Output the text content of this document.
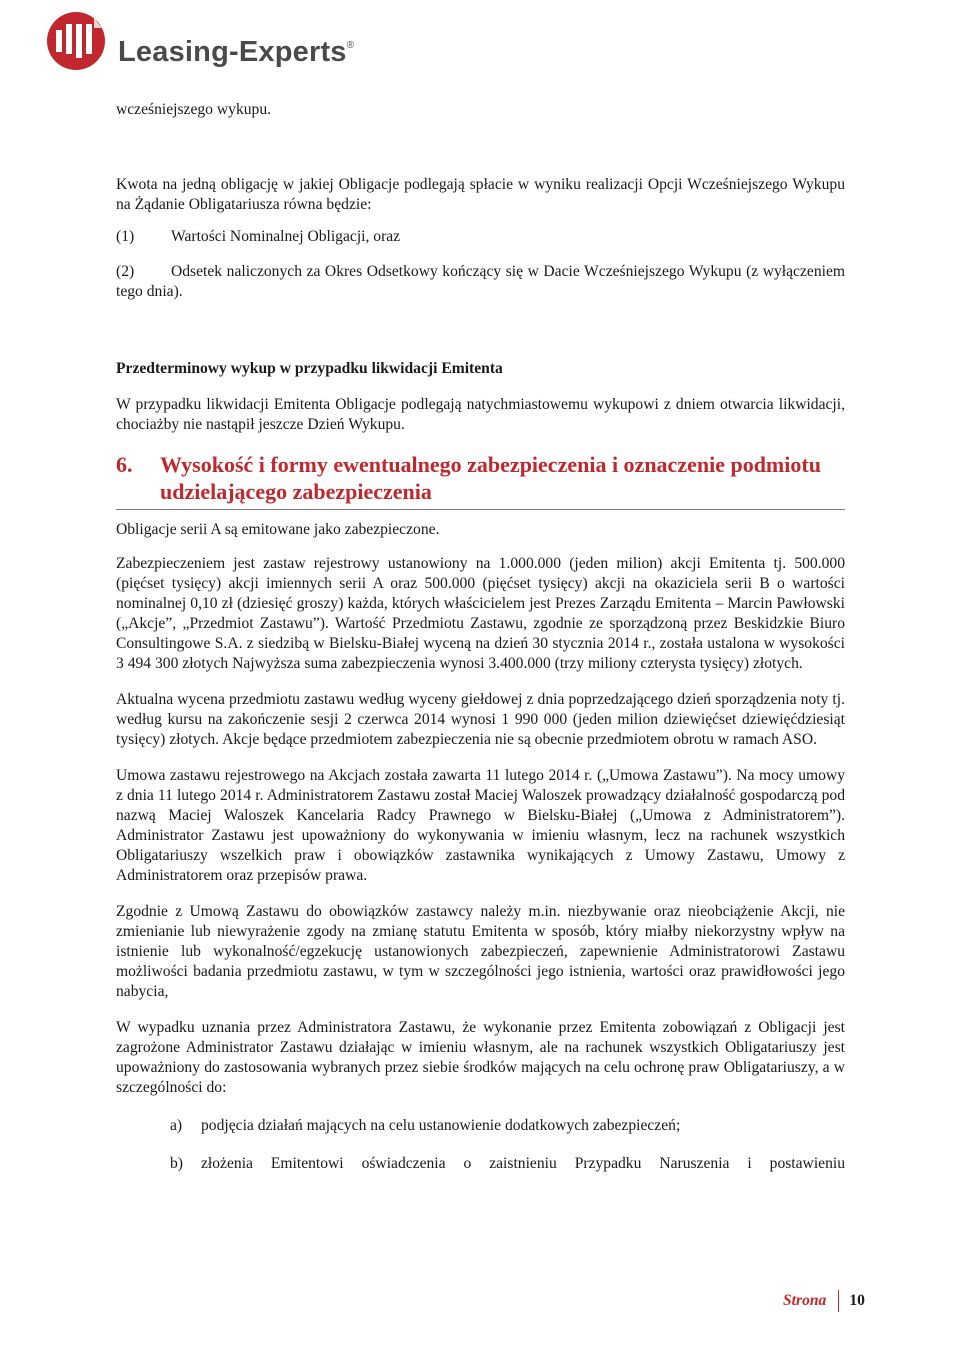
Leasing-Experts®

wcześniejszego wykupu.

Kwota na jedną obligację w jakiej Obligacje podlegają spłacie w wyniku realizacji Opcji Wcześniejszego Wykupu na Żądanie Obligatariusza równa będzie:

(1)	Wartości Nominalnej Obligacji, oraz

(2) Odsetek naliczonych za Okres Odsetkowy kończący się w Dacie Wcześniejszego Wykupu (z wyłączeniem tego dnia).

Przedterminowy wykup w przypadku likwidacji Emitenta

W przypadku likwidacji Emitenta Obligacje podlegają natychmiastowemu wykupowi z dniem otwarcia likwidacji, chociażby nie nastąpił jeszcze Dzień Wykupu.

6.	Wysokość i formy ewentualnego zabezpieczenia i oznaczenie podmiotu udzielającego zabezpieczenia

Obligacje serii A są emitowane jako zabezpieczone.

Zabezpieczeniem jest zastaw rejestrowy ustanowiony na 1.000.000 (jeden milion) akcji Emitenta tj. 500.000 (pięćset tysięcy) akcji imiennych serii A oraz 500.000 (pięćset tysięcy) akcji na okaziciela serii B o wartości nominalnej 0,10 zł (dziesięć groszy) każda, których właścicielem jest Prezes Zarządu Emitenta – Marcin Pawłowski („Akcje”, „Przedmiot Zastawu”). Wartość Przedmiotu Zastawu, zgodnie ze sporządzoną przez Beskidzkie Biuro Consultingowe S.A. z siedzibą w Bielsku-Białej wyceną na dzień 30 stycznia 2014 r., została ustalona w wysokości 3 494 300 złotych Najwyższa suma zabezpieczenia wynosi 3.400.000 (trzy miliony czterysta tysięcy) złotych.

Aktualna wycena przedmiotu zastawu według wyceny giełdowej z dnia poprzedzającego dzień sporządzenia noty tj. według kursu na zakończenie sesji 2 czerwca 2014 wynosi 1 990 000 (jeden milion dziewięćset dziewięćdziesiąt tysięcy) złotych. Akcje będące przedmiotem zabezpieczenia nie są obecnie przedmiotem obrotu w ramach ASO.

Umowa zastawu rejestrowego na Akcjach została zawarta 11 lutego 2014 r. („Umowa Zastawu”). Na mocy umowy z dnia 11 lutego 2014 r. Administratorem Zastawu został Maciej Waloszek prowadzący działalność gospodarczą pod nazwą Maciej Waloszek Kancelaria Radcy Prawnego w Bielsku-Białej („Umowa z Administratorem”). Administrator Zastawu jest upoważniony do wykonywania w imieniu własnym, lecz na rachunek wszystkich Obligatariuszy wszelkich praw i obowiązków zastawnika wynikających z Umowy Zastawu, Umowy z Administratorem oraz przepisów prawa.

Zgodnie z Umową Zastawu do obowiązków zastawcy należy m.in. niezbywanie oraz nieobciążenie Akcji, nie zmienianie lub niewyrażenie zgody na zmianę statutu Emitenta w sposób, który miałby niekorzystny wpływ na istnienie lub wykonalność/egzekucję ustanowionych zabezpieczeń, zapewnienie Administratorowi Zastawu możliwości badania przedmiotu zastawu, w tym w szczególności jego istnienia, wartości oraz prawidłowości jego nabycia,

W wypadku uznania przez Administratora Zastawu, że wykonanie przez Emitenta zobowiązań z Obligacji jest zagrożone Administrator Zastawu działając w imieniu własnym, ale na rachunek wszystkich Obligatariuszy jest upoważniony do zastosowania wybranych przez siebie środków mających na celu ochronę praw Obligatariuszy, a w szczególności do:

a)	podjęcia działań mających na celu ustanowienie dodatkowych zabezpieczeń;
b)	złożenia Emitentowi oświadczenia o zaistnieniu Przypadku Naruszenia i postawieniu
Strona 10
